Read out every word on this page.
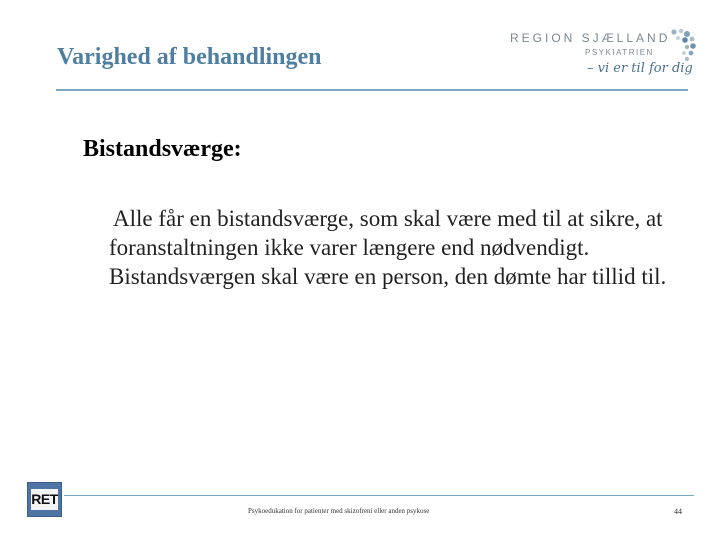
Varighed af behandlingen
REGION SJÆLLAND
PSYKIATRIEN
– vi er til for dig
Bistandsværge:
Alle får en bistandsværge, som skal være med til at sikre, at foranstaltningen ikke varer længere end nødvendigt. Bistandsværgen skal være en person, den dømte har tillid til.
RET
Psykoedukation for patienter med skizofreni eller anden psykose	44
